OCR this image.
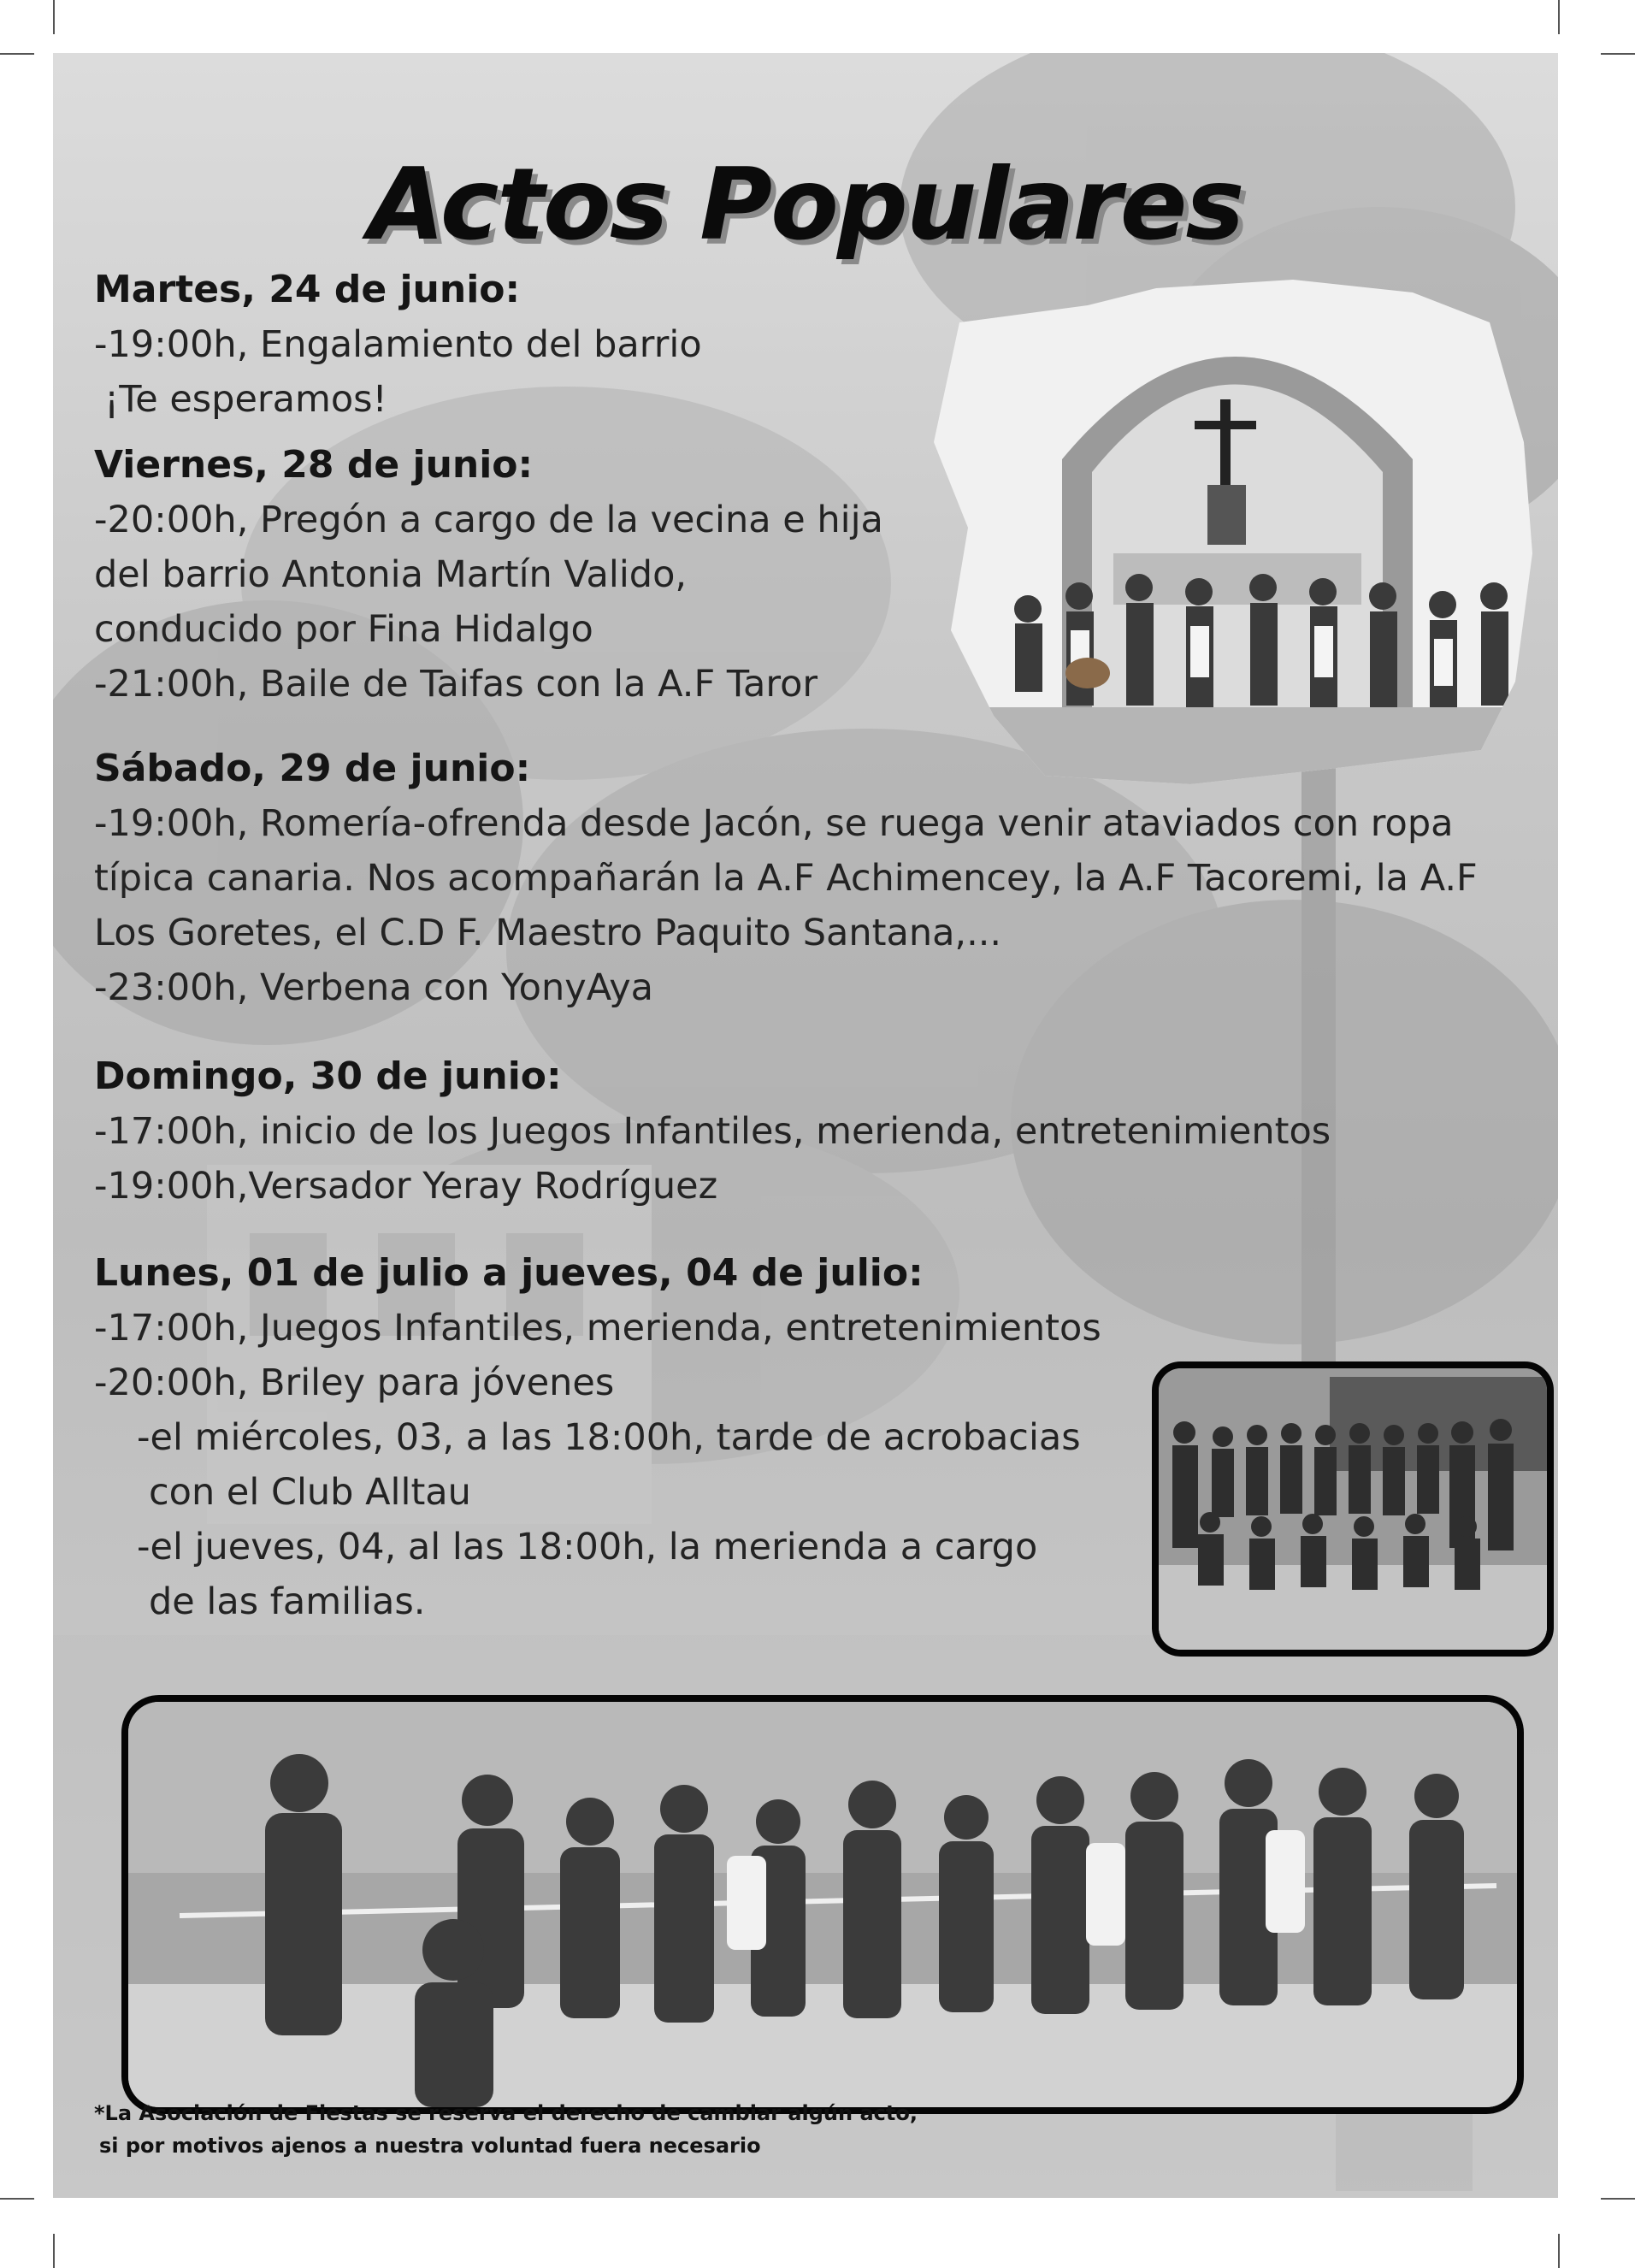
Actos Populares
Martes, 24 de junio:
-19:00h, Engalamiento del barrio
¡Te esperamos!
Viernes, 28 de junio:
-20:00h, Pregón a cargo de la vecina e hija
del barrio Antonia Martín Valido,
conducido por Fina Hidalgo
-21:00h, Baile de Taifas con la A.F Taror
Sábado, 29 de junio:
-19:00h, Romería-ofrenda desde Jacón, se ruega venir ataviados con ropa
típica canaria. Nos acompañarán la A.F Achimencey, la A.F Tacoremi, la A.F
Los Goretes, el C.D F. Maestro Paquito Santana,...
-23:00h, Verbena con YonyAya
Domingo, 30 de junio:
-17:00h, inicio de los Juegos Infantiles, merienda, entretenimientos
-19:00h,Versador Yeray Rodríguez
Lunes, 01 de julio a jueves, 04 de julio:
-17:00h, Juegos Infantiles, merienda, entretenimientos
-20:00h, Briley para jóvenes
-el miércoles, 03, a las 18:00h, tarde de acrobacias
con el Club Alltau
-el jueves, 04, al las 18:00h, la merienda a cargo
de las familias.
*La Asociación de Fiestas se reserva el derecho de cambiar algún acto,
si por motivos ajenos a nuestra voluntad fuera necesario
